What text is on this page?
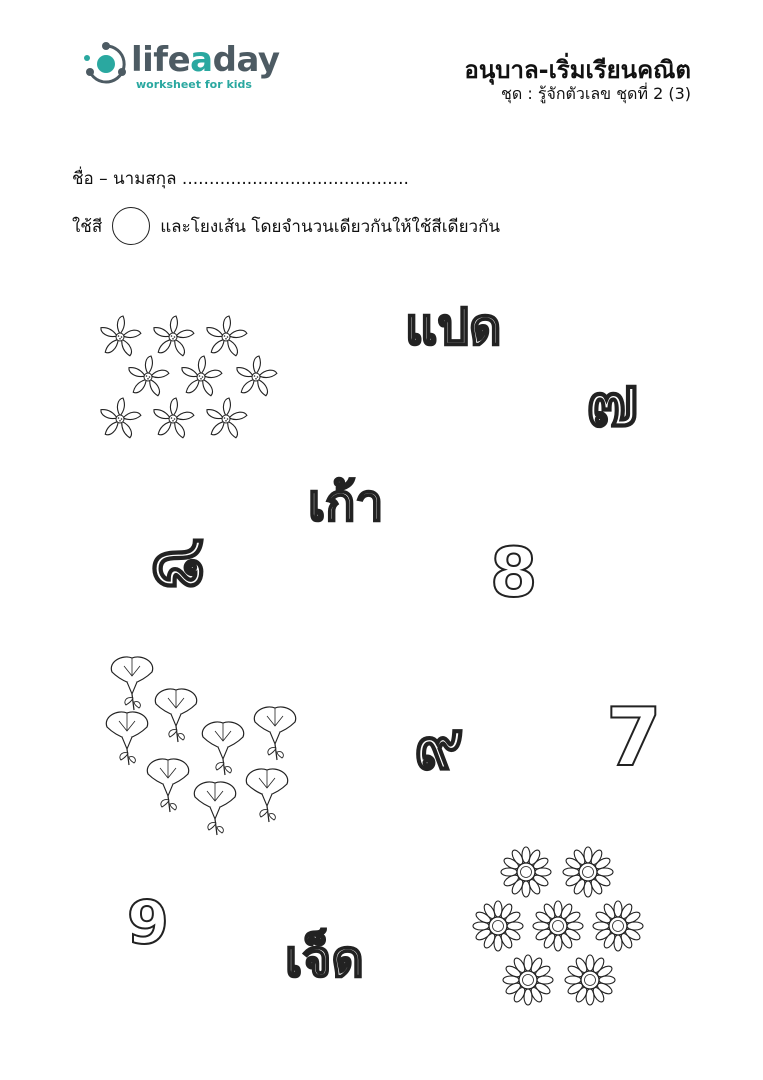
lifeaday
worksheet for kids
อนุบาล-เริ่มเรียนคณิต
ชุด : รู้จักตัวเลข ชุดที่ 2 (3)
ชื่อ – นามสกุล ..........................................
ใช้สี	และโยงเส้น โดยจำนวนเดียวกันให้ใช้สีเดียวกัน
แปด
๗
เก้า
๘	8
๙ 7
9
เจ็ด
